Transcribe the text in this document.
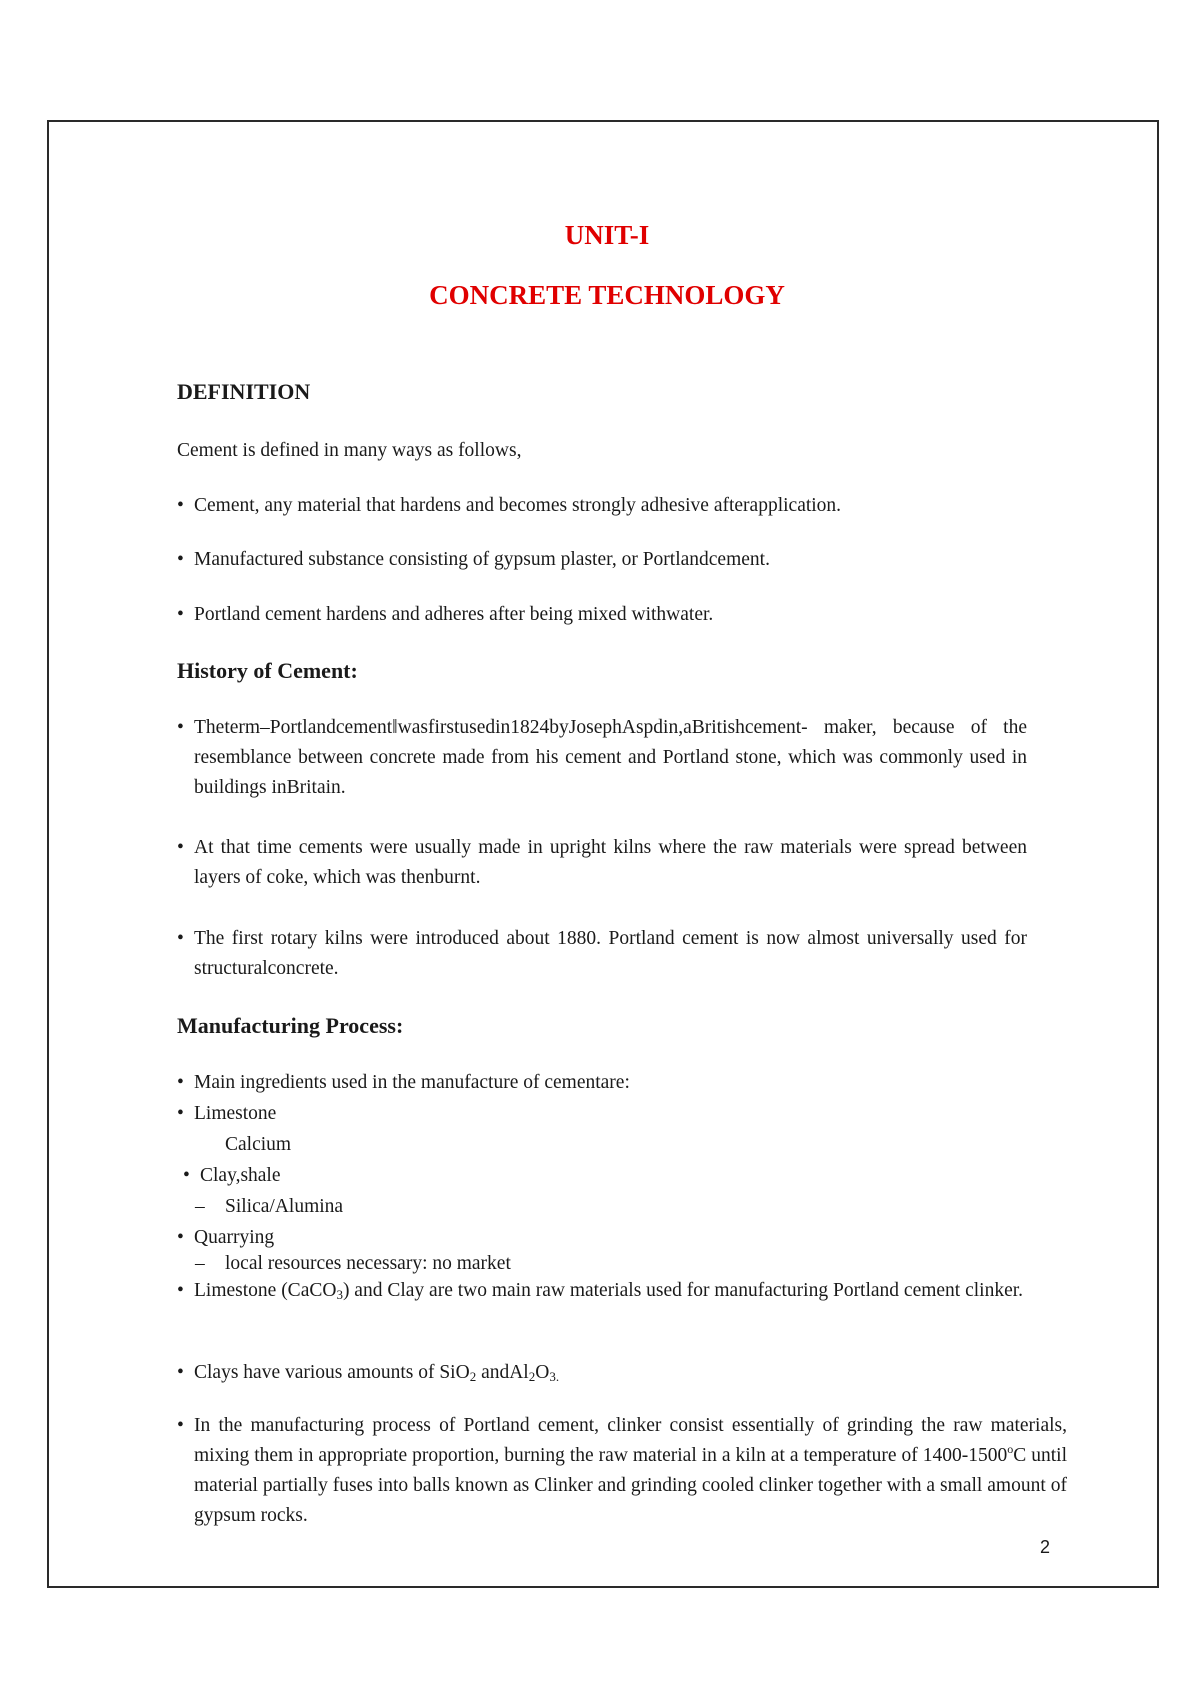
UNIT-I
CONCRETE TECHNOLOGY
DEFINITION

Cement is defined in many ways as follows,

• Cement, any material that hardens and becomes strongly adhesive afterapplication.

• Manufactured substance consisting of gypsum plaster, or Portlandcement.

• Portland cement hardens and adheres after being mixed withwater.

History of Cement:

• Theterm–Portlandcement‖wasfirstusedin1824byJosephAspdin,aBritishcement- maker, because of the resemblance between concrete made from his cement and Portland stone, which was commonly used in buildings inBritain.

• At that time cements were usually made in upright kilns where the raw materials were spread between layers of coke, which was thenburnt.

• The first rotary kilns were introduced about 1880. Portland cement is now almost universally used for structuralconcrete.

Manufacturing Process:

• Main ingredients used in the manufacture of cementare:

• Limestone

Calcium

• Clay,shale

– Silica/Alumina

• Quarrying

– local resources necessary: no market

• Limestone (CaCO$_3$) and Clay are two main raw materials used for manufacturing Portland cement clinker.

• Clays have various amounts of SiO$_2$ $andAl_2O_{3.}$

• In the manufacturing process of Portland cement, clinker consist essentially of grinding the raw materials, mixing them in appropriate proportion, burning the raw material in a kiln at a temperature of 1400-1500$^o$C until material partially fuses into balls known as Clinker and grinding cooled clinker together with a small amount of gypsum rocks.

2
